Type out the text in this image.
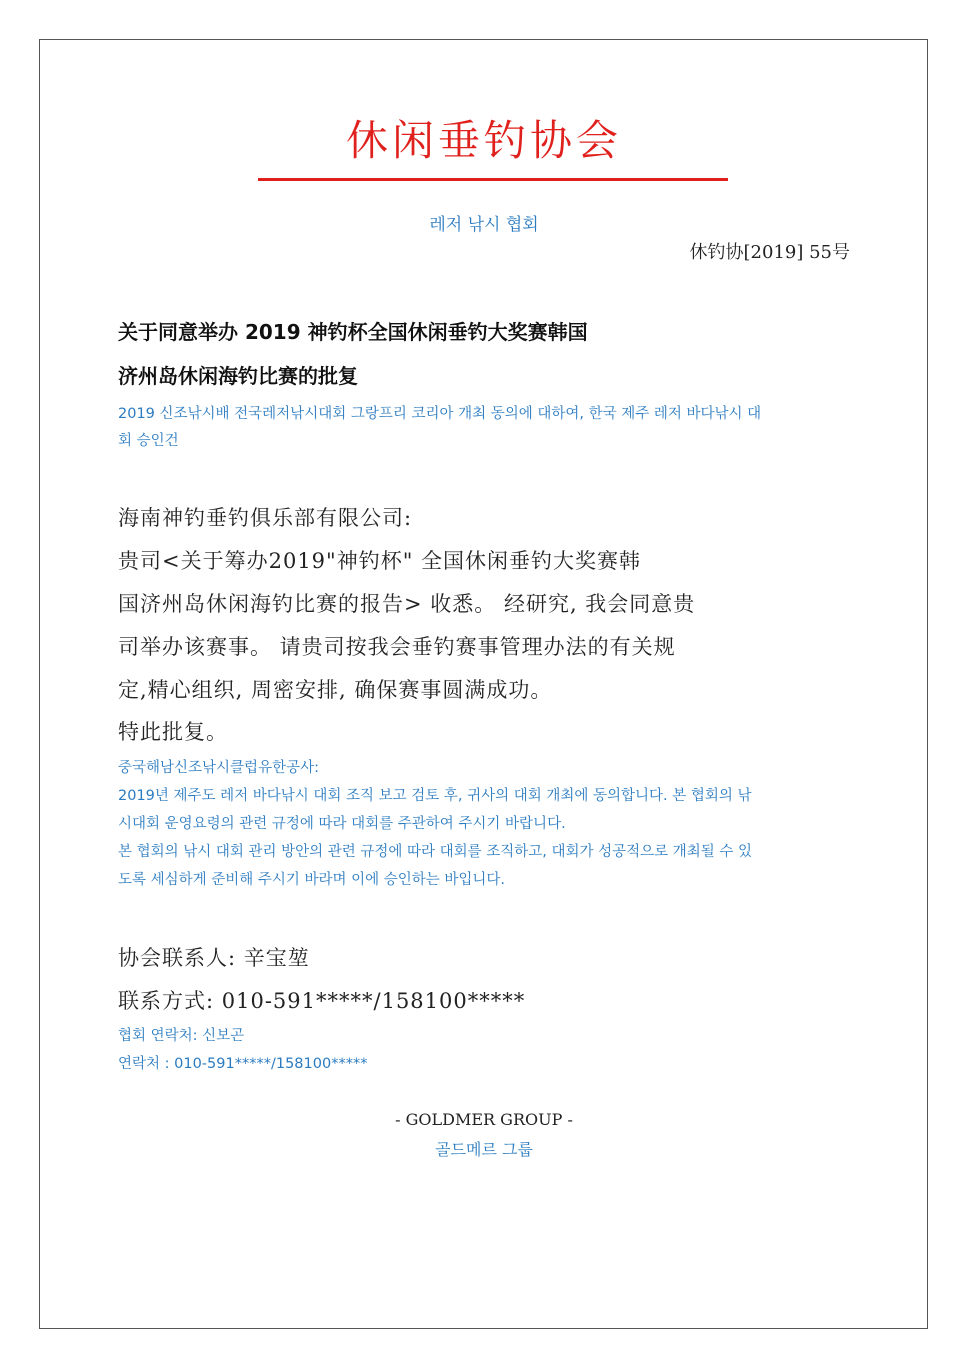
休闲垂钓协会
레저 낚시 협회
休钓协[2019] 55号
关于同意举办 2019 神钓杯全国休闲垂钓大奖赛韩国
济州岛休闲海钓比赛的批复
2019 신조낚시배 전국레저낚시대회 그랑프리 코리아 개최 동의에 대하여, 한국 제주 레저 바다낚시 대
회 승인건
海南神钓垂钓俱乐部有限公司:
贵司<关于筹办2019"神钓杯" 全国休闲垂钓大奖赛韩
国济州岛休闲海钓比赛的报告> 收悉。 经研究, 我会同意贵
司举办该赛事。 请贵司按我会垂钓赛事管理办法的有关规
定,精心组织, 周密安排, 确保赛事圆满成功。
特此批复。
중국해남신조낚시클럽유한공사:
2019년 제주도 레저 바다낚시 대회 조직 보고 검토 후, 귀사의 대회 개최에 동의합니다. 본 협회의 낚
시대회 운영요령의 관련 규정에 따라 대회를 주관하여 주시기 바랍니다.
본 협회의 낚시 대회 관리 방안의 관련 규정에 따라 대회를 조직하고, 대회가 성공적으로 개최될 수 있
도록 세심하게 준비해 주시기 바라며 이에 승인하는 바입니다.
协会联系人: 辛宝堃
联系方式: 010-591*****/158100*****
협회 연락처: 신보곤
연락처 : 010-591*****/158100*****
- GOLDMER GROUP -
골드메르 그룹
